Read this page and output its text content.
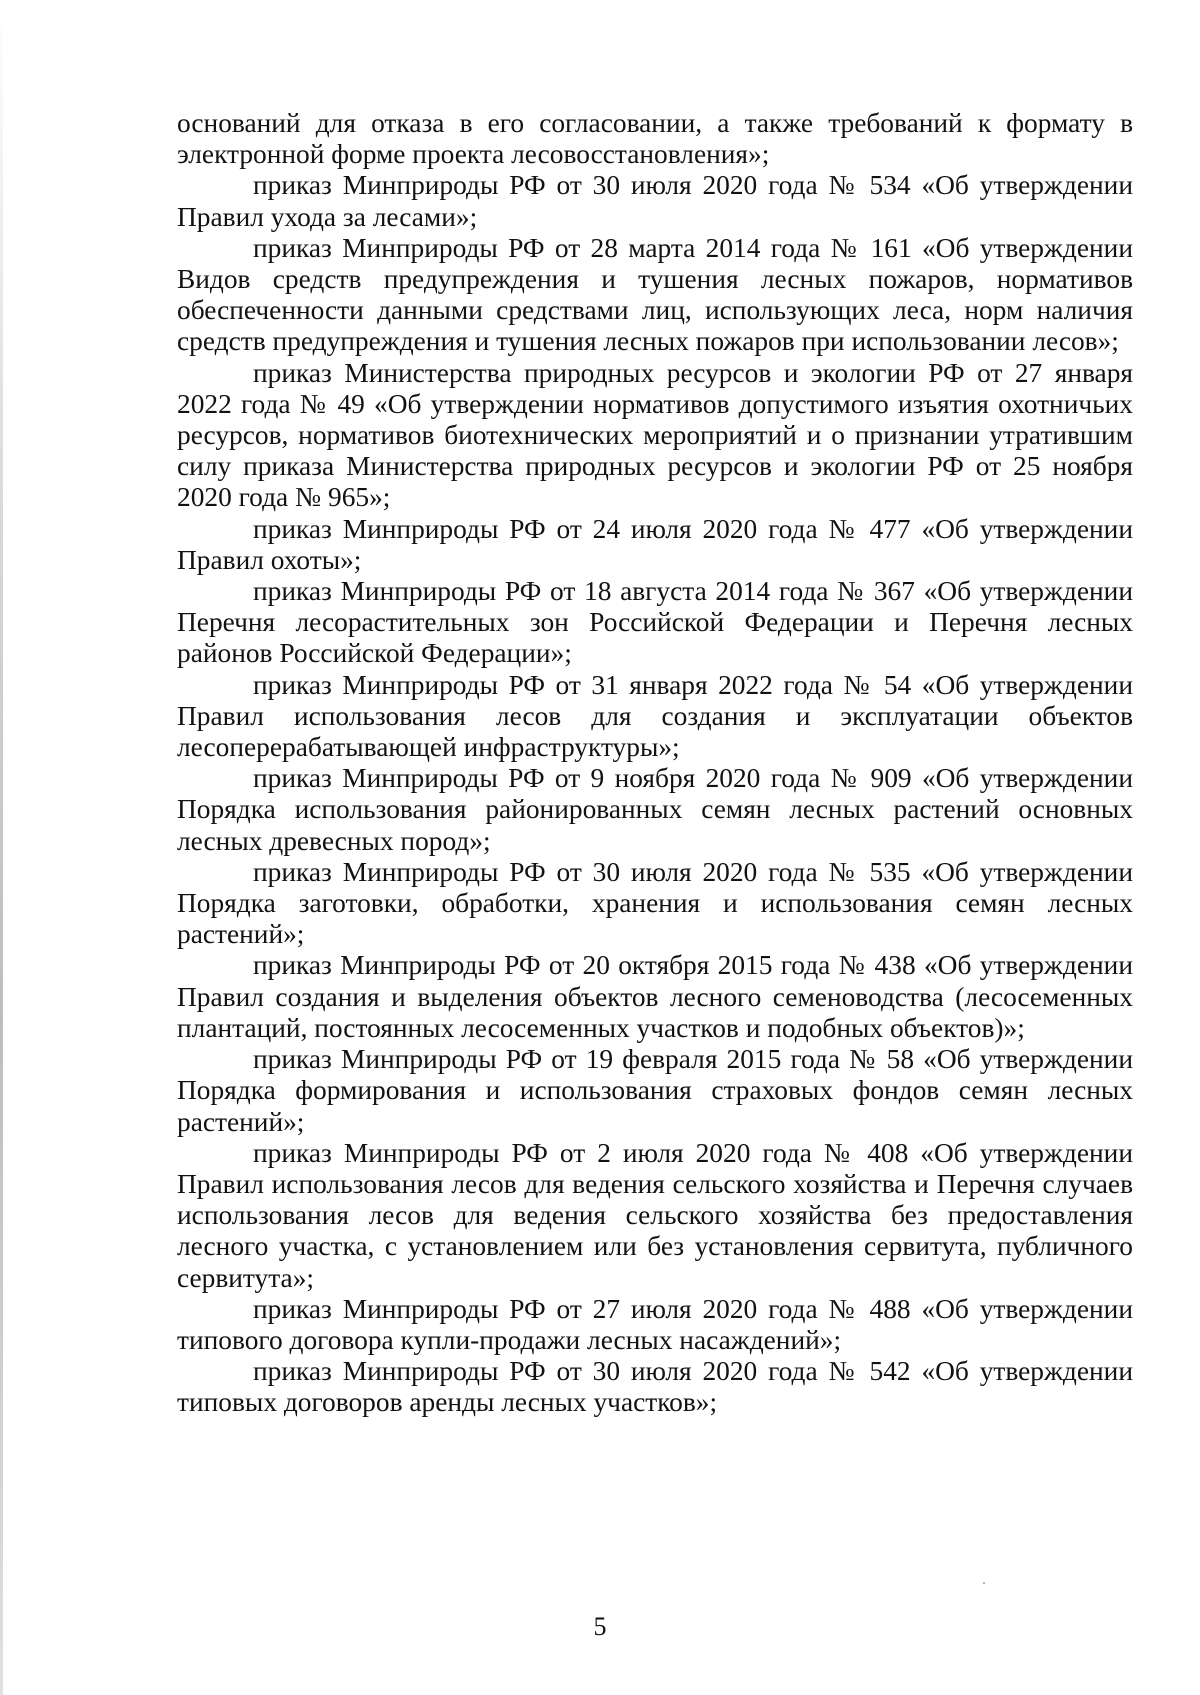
оснований для отказа в его согласовании, а также требований к формату в электронной форме проекта лесовосстановления»;

приказ Минприроды РФ от 30 июля 2020 года № 534 «Об утверждении Правил ухода за лесами»;

приказ Минприроды РФ от 28 марта 2014 года № 161 «Об утверждении Видов средств предупреждения и тушения лесных пожаров, нормативов обеспеченности данными средствами лиц, использующих леса, норм наличия средств предупреждения и тушения лесных пожаров при использовании лесов»;

приказ Министерства природных ресурсов и экологии РФ от 27 января 2022 года № 49 «Об утверждении нормативов допустимого изъятия охотничьих ресурсов, нормативов биотехнических мероприятий и о признании утратившим силу приказа Министерства природных ресурсов и экологии РФ от 25 ноября 2020 года № 965»;

приказ Минприроды РФ от 24 июля 2020 года № 477 «Об утверждении Правил охоты»;

приказ Минприроды РФ от 18 августа 2014 года № 367 «Об утверждении Перечня лесорастительных зон Российской Федерации и Перечня лесных районов Российской Федерации»;

приказ Минприроды РФ от 31 января 2022 года № 54 «Об утверждении Правил использования лесов для создания и эксплуатации объектов лесоперерабатывающей инфраструктуры»;

приказ Минприроды РФ от 9 ноября 2020 года № 909 «Об утверждении Порядка использования районированных семян лесных растений основных лесных древесных пород»;

приказ Минприроды РФ от 30 июля 2020 года № 535 «Об утверждении Порядка заготовки, обработки, хранения и использования семян лесных растений»;

приказ Минприроды РФ от 20 октября 2015 года № 438 «Об утверждении Правил создания и выделения объектов лесного семеноводства (лесосеменных плантаций, постоянных лесосеменных участков и подобных объектов)»;

приказ Минприроды РФ от 19 февраля 2015 года № 58 «Об утверждении Порядка формирования и использования страховых фондов семян лесных растений»;

приказ Минприроды РФ от 2 июля 2020 года № 408 «Об утверждении Правил использования лесов для ведения сельского хозяйства и Перечня случаев использования лесов для ведения сельского хозяйства без предоставления лесного участка, с установлением или без установления сервитута, публичного сервитута»;

приказ Минприроды РФ от 27 июля 2020 года № 488 «Об утверждении типового договора купли-продажи лесных насаждений»;

приказ Минприроды РФ от 30 июля 2020 года № 542 «Об утверждении типовых договоров аренды лесных участков»;

5
